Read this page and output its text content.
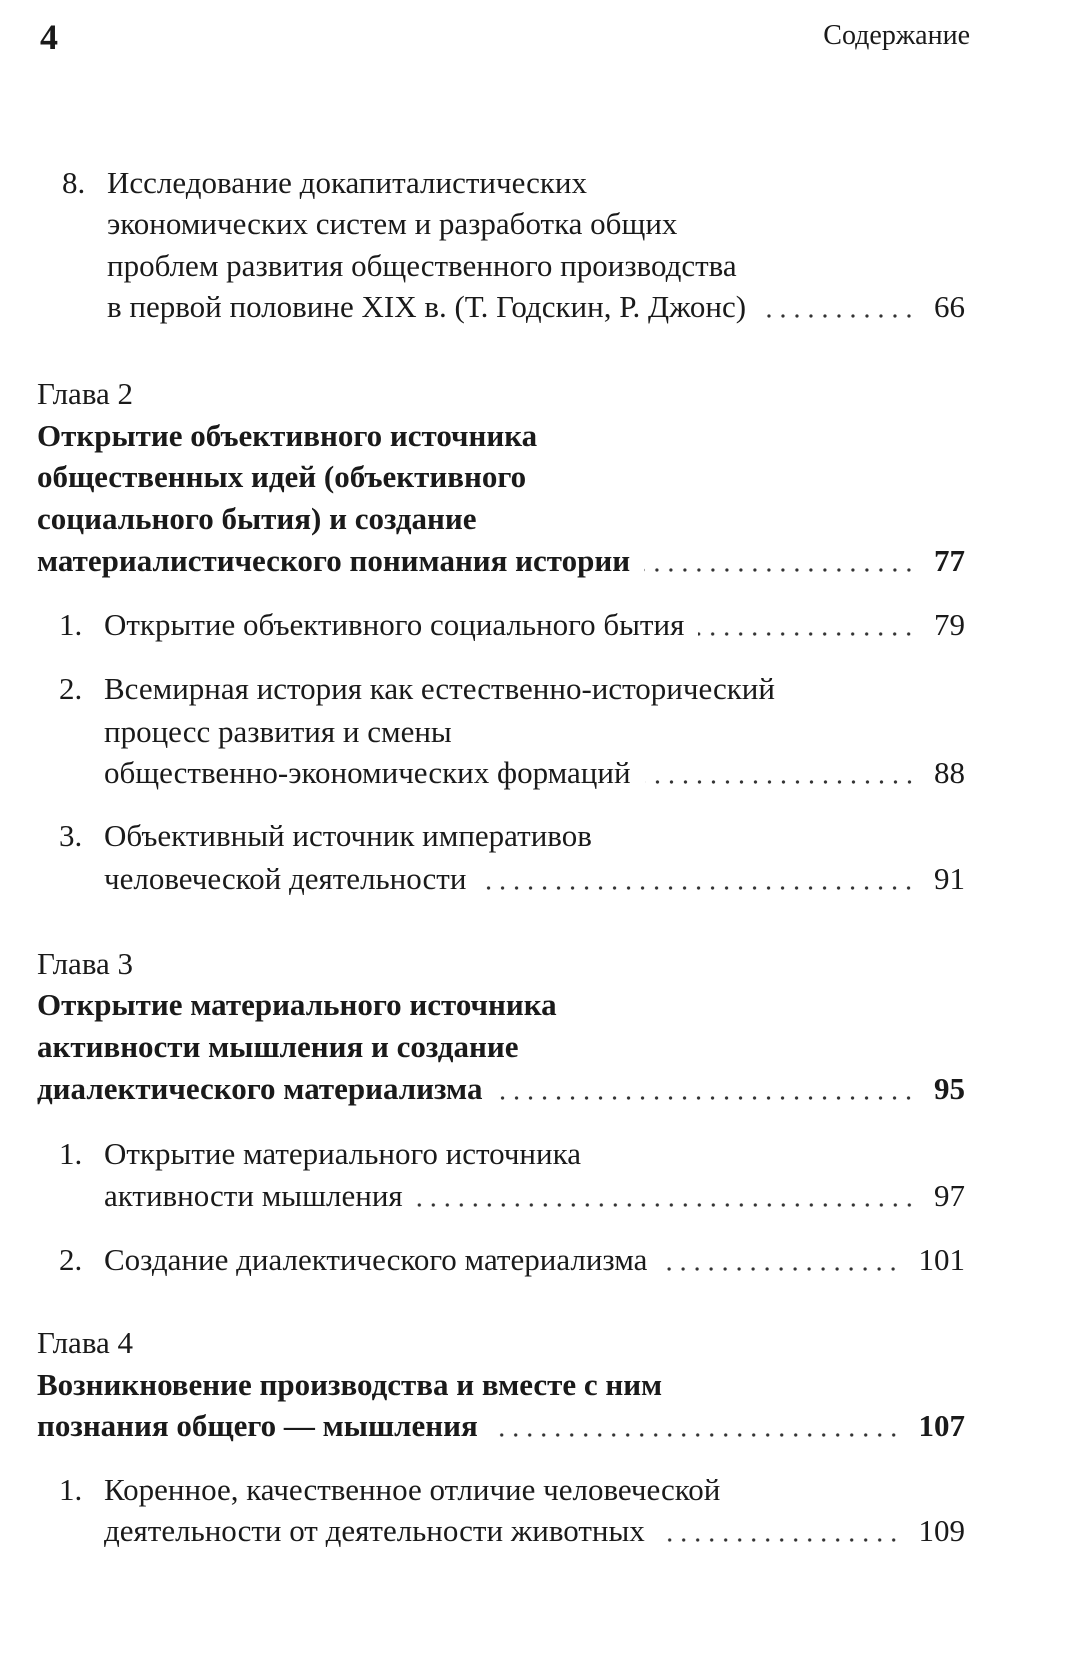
4	Содержание
8. Исследование докапиталистических
экономических систем и разработка общих
проблем развития общественного производства
в первой половине XIX в. (Т. Годскин, Р. Джонс)	66
Глава 2
Открытие объективного источника
общественных идей (объективного
социального бытия) и создание
материалистического понимания истории	77
1. Открытие объективного социального бытия	79
2. Всемирная история как естественно-исторический
процесс развития и смены
общественно-экономических формаций	88
3. Объективный источник императивов
человеческой деятельности	91
Глава 3
Открытие материального источника
активности мышления и создание
диалектического материализма	95
1. Открытие материального источника
активности мышления	97
2. Создание диалектического материализма	101
Глава 4
Возникновение производства и вместе с ним
познания общего — мышления	107
1. Коренное, качественное отличие человеческой
деятельности от деятельности животных	109
